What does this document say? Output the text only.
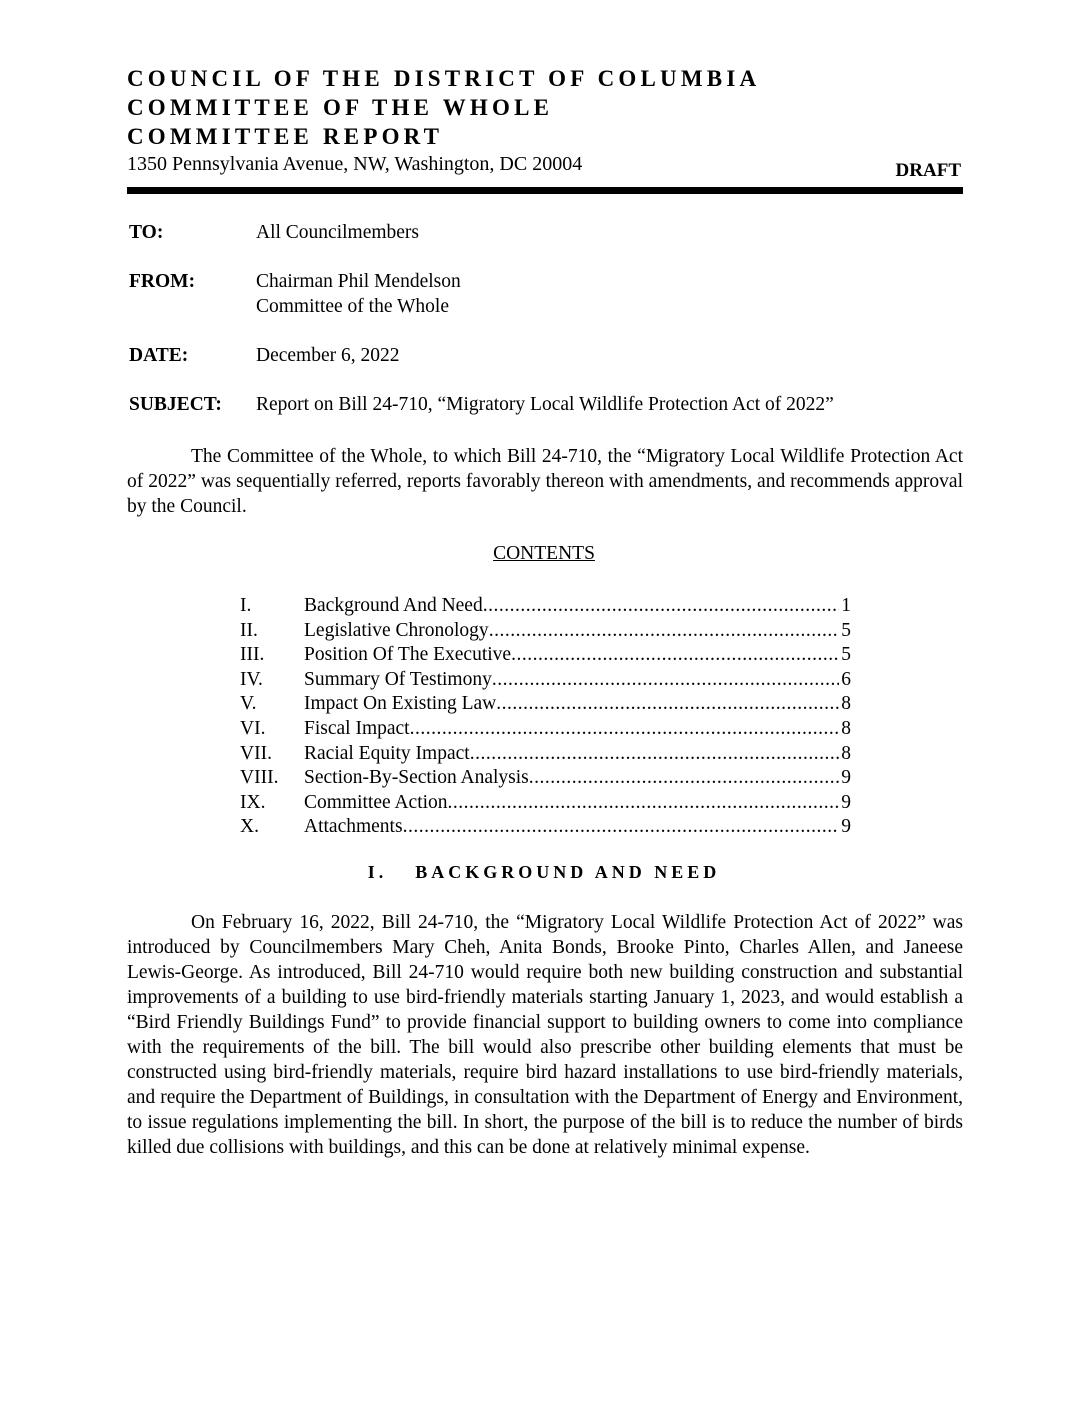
COUNCIL OF THE DISTRICT OF COLUMBIA
COMMITTEE OF THE WHOLE
COMMITTEE REPORT
1350 Pennsylvania Avenue, NW, Washington, DC 20004	DRAFT
TO:	All Councilmembers
FROM:	Chairman Phil Mendelson
Committee of the Whole
DATE:	December 6, 2022
SUBJECT:	Report on Bill 24-710, “Migratory Local Wildlife Protection Act of 2022”

The Committee of the Whole, to which Bill 24-710, the “Migratory Local Wildlife Protection Act of 2022” was sequentially referred, reports favorably thereon with amendments, and recommends approval by the Council.

CONTENTS
I.	Background And Need .....	1
II.	Legislative Chronology .....	5
III.	Position Of The Executive .....	5
IV.	Summary Of Testimony .....	6
V.	Impact On Existing Law .....	8
VI.	Fiscal Impact .....	8
VII.	Racial Equity Impact .....	8
VIII.	Section-By-Section Analysis .....	9
IX.	Committee Action .....	9
X.	Attachments .....	9
I. BACKGROUND AND NEED

On February 16, 2022, Bill 24-710, the “Migratory Local Wildlife Protection Act of 2022” was introduced by Councilmembers Mary Cheh, Anita Bonds, Brooke Pinto, Charles Allen, and Janeese Lewis-George. As introduced, Bill 24-710 would require both new building construction and substantial improvements of a building to use bird-friendly materials starting January 1, 2023, and would establish a “Bird Friendly Buildings Fund” to provide financial support to building owners to come into compliance with the requirements of the bill. The bill would also prescribe other building elements that must be constructed using bird-friendly materials, require bird hazard installations to use bird-friendly materials, and require the Department of Buildings, in consultation with the Department of Energy and Environment, to issue regulations implementing the bill. In short, the purpose of the bill is to reduce the number of birds killed due collisions with buildings, and this can be done at relatively minimal expense.
